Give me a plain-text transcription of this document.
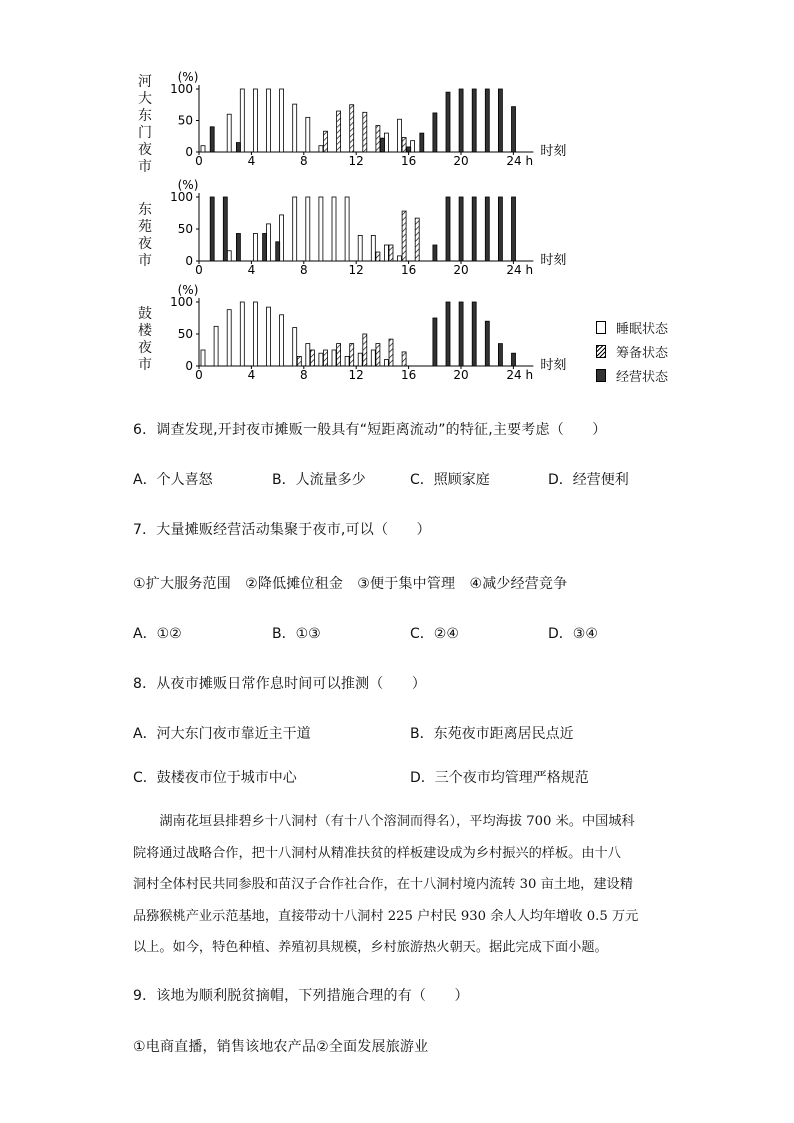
河
大
东
门
夜
市
(%)
0
50
100
0	4	8	12	16	20	24 h
时刻
东
苑
夜
市
(%)
0
50
100
0	4	8	12	16	20	24 h
时刻
鼓
楼
夜
市
(%)
0
50
100
0	4	8	12	16	20	24 h
时刻
睡眠状态
筹备状态
经营状态
6．调查发现,开封夜市摊贩一般具有“短距离流动”的特征,主要考虑（　　）
A．个人喜怒	B．人流量多少	C．照顾家庭	D．经营便利
7．大量摊贩经营活动集聚于夜市,可以（　　）
①扩大服务范围　②降低摊位租金　③便于集中管理　④减少经营竞争
A．①②	B．①③	C．②④	D．③④
8．从夜市摊贩日常作息时间可以推测（　　）
A．河大东门夜市靠近主干道	B．东苑夜市距离居民点近
C．鼓楼夜市位于城市中心	D．三个夜市均管理严格规范
　　湖南花垣县排碧乡十八洞村（有十八个溶洞而得名），平均海拔 700 米。中国城科
院将通过战略合作，把十八洞村从精准扶贫的样板建设成为乡村振兴的样板。由十八
洞村全体村民共同参股和苗汉子合作社合作，在十八洞村境内流转 30 亩土地，建设精
品猕猴桃产业示范基地，直接带动十八洞村 225 户村民 930 余人人均年增收 0.5 万元
以上。如今，特色种植、养殖初具规模，乡村旅游热火朝天。据此完成下面小题。
9．该地为顺利脱贫摘帽，下列措施合理的有（　　）
①电商直播，销售该地农产品②全面发展旅游业
